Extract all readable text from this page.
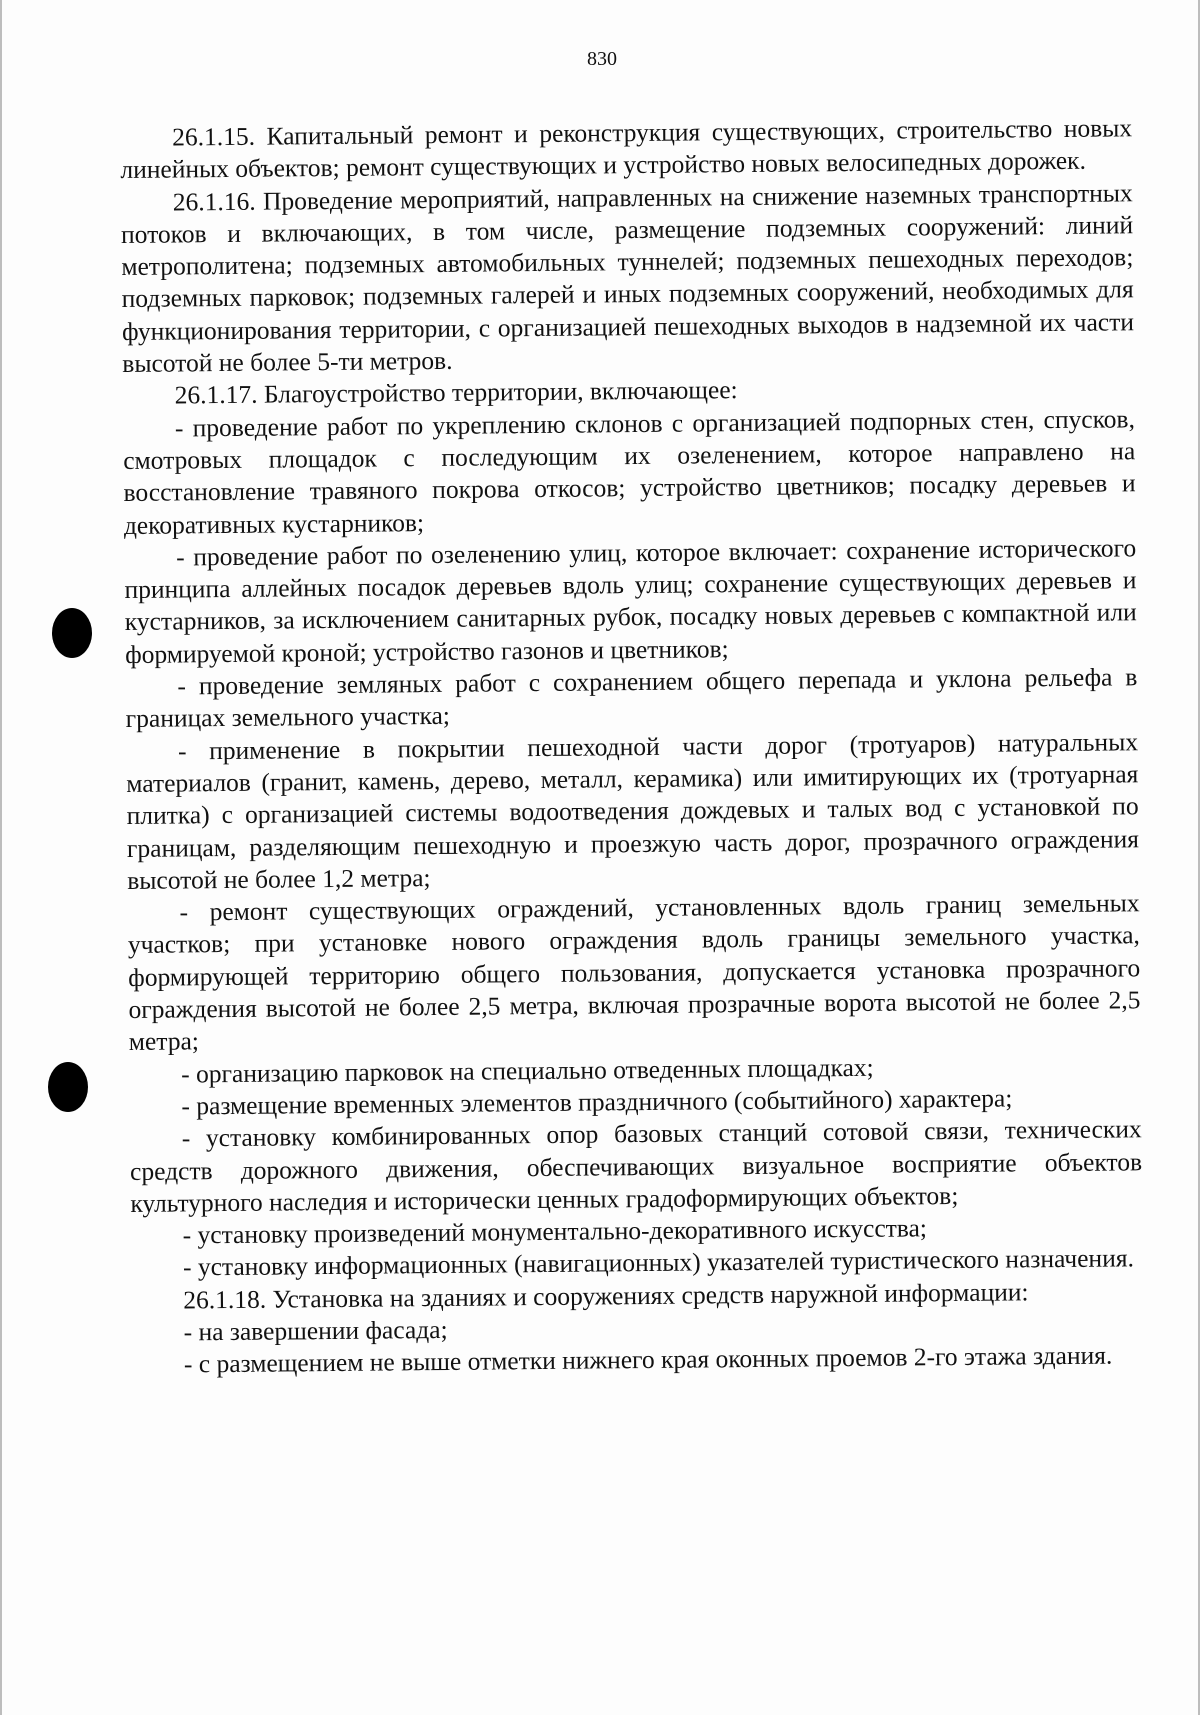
830

26.1.15. Капитальный ремонт и реконструкция существующих, строительство новых линейных объектов; ремонт существующих и устройство новых велосипедных дорожек.

26.1.16. Проведение мероприятий, направленных на снижение наземных транспортных потоков и включающих, в том числе, размещение подземных сооружений: линий метрополитена; подземных автомобильных туннелей; подземных пешеходных переходов; подземных парковок; подземных галерей и иных подземных сооружений, необходимых для функционирования территории, с организацией пешеходных выходов в надземной их части высотой не более 5-ти метров.

26.1.17. Благоустройство территории, включающее:

- проведение работ по укреплению склонов с организацией подпорных стен, спусков, смотровых площадок с последующим их озеленением, которое направлено на восстановление травяного покрова откосов; устройство цветников; посадку деревьев и декоративных кустарников;

- проведение работ по озеленению улиц, которое включает: сохранение исторического принципа аллейных посадок деревьев вдоль улиц; сохранение существующих деревьев и кустарников, за исключением санитарных рубок, посадку новых деревьев с компактной или формируемой кроной; устройство газонов и цветников;

- проведение земляных работ с сохранением общего перепада и уклона рельефа в границах земельного участка;

- применение в покрытии пешеходной части дорог (тротуаров) натуральных материалов (гранит, камень, дерево, металл, керамика) или имитирующих их (тротуарная плитка) с организацией системы водоотведения дождевых и талых вод с установкой по границам, разделяющим пешеходную и проезжую часть дорог, прозрачного ограждения высотой не более 1,2 метра;

- ремонт существующих ограждений, установленных вдоль границ земельных участков; при установке нового ограждения вдоль границы земельного участка, формирующей территорию общего пользования, допускается установка прозрачного ограждения высотой не более 2,5 метра, включая прозрачные ворота высотой не более 2,5 метра;

- организацию парковок на специально отведенных площадках;

- размещение временных элементов праздничного (событийного) характера;

- установку комбинированных опор базовых станций сотовой связи, технических средств дорожного движения, обеспечивающих визуальное восприятие объектов культурного наследия и исторически ценных градоформирующих объектов;

- установку произведений монументально-декоративного искусства;

- установку информационных (навигационных) указателей туристического назначения.

26.1.18. Установка на зданиях и сооружениях средств наружной информации:

- на завершении фасада;

- с размещением не выше отметки нижнего края оконных проемов 2-го этажа здания.
